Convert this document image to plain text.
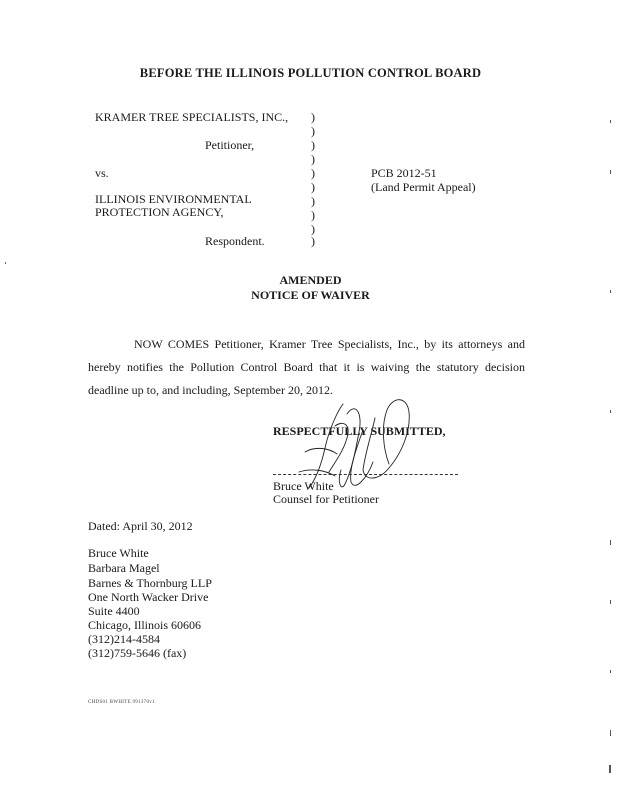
BEFORE THE ILLINOIS POLLUTION CONTROL BOARD
KRAMER TREE SPECIALISTS, INC.,
Petitioner,
vs.
ILLINOIS ENVIRONMENTAL
PROTECTION AGENCY,
Respondent.
PCB 2012-51
(Land Permit Appeal)
)
)
)
)
)
)
)
)
)
)
AMENDED
NOTICE OF WAIVER
NOW COMES Petitioner, Kramer Tree Specialists, Inc., by its attorneys and hereby notifies the Pollution Control Board that it is waiving the statutory decision deadline up to, and including, September 20, 2012.
RESPECTFULLY SUBMITTED,
Bruce White
Counsel for Petitioner
Dated: April 30, 2012
Bruce White
Barbara Magel
Barnes & Thornburg LLP
One North Wacker Drive
Suite 4400
Chicago, Illinois 60606
(312)214-4584
(312)759-5646 (fax)
CHDS01 BWHITE 991370v1
